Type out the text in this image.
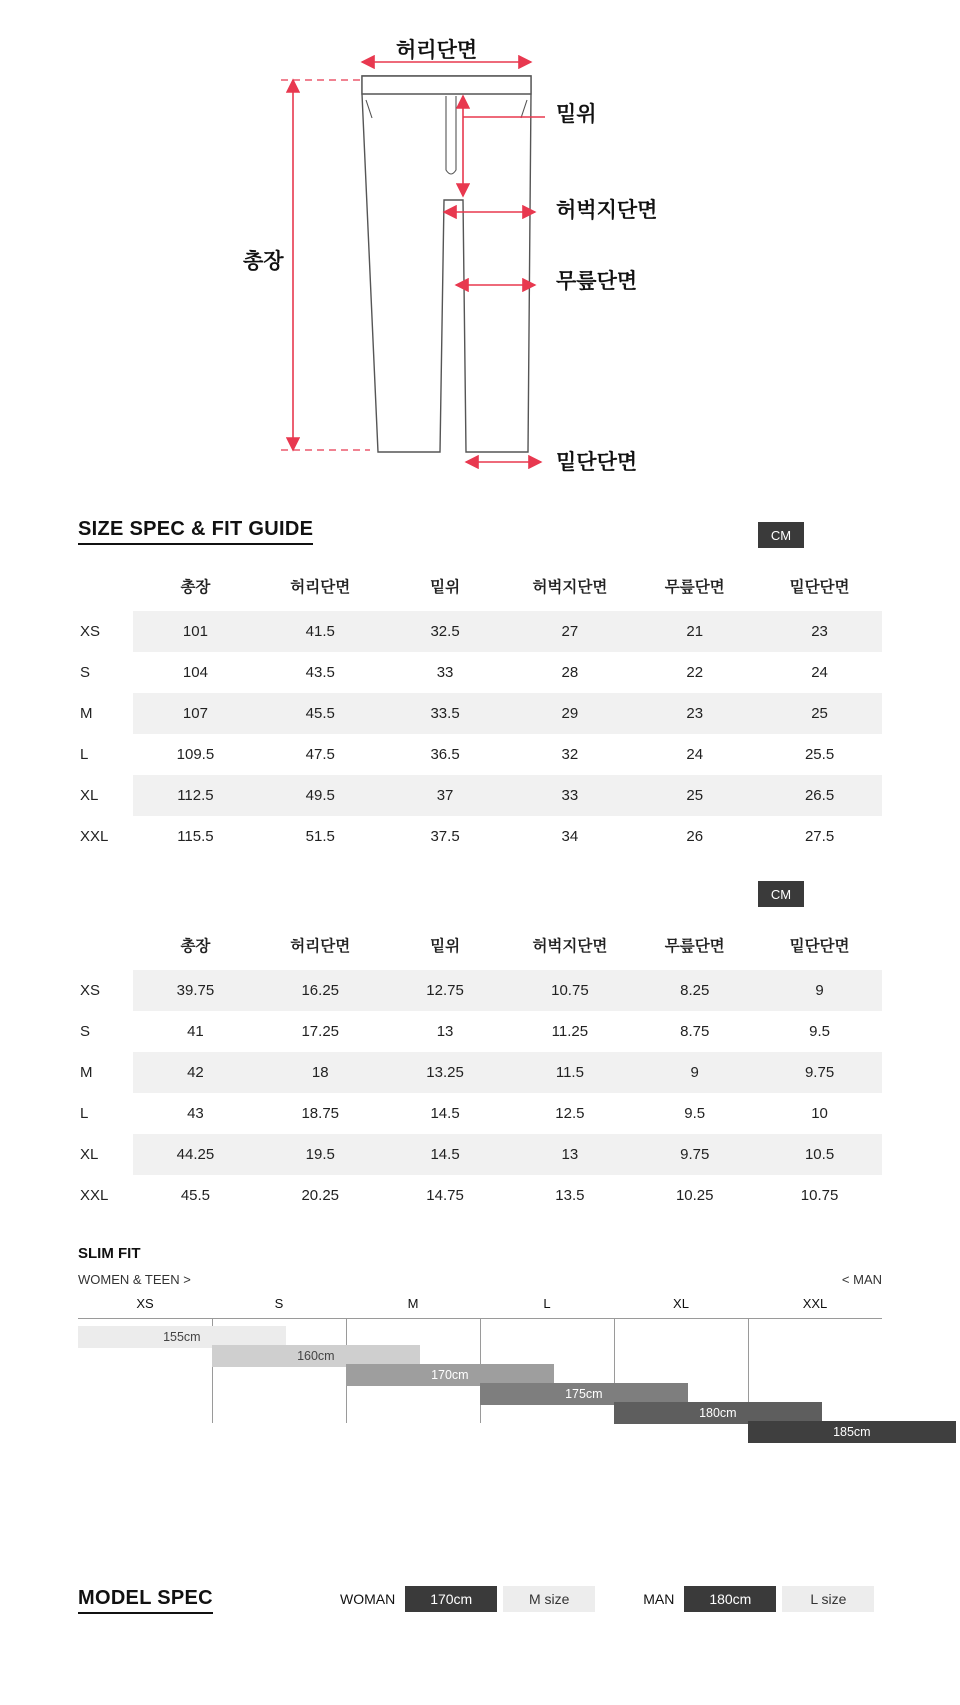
허리단면
밑위
허벅지단면
무릎단면
총장
밑단단면
SIZE SPEC & FIT GUIDE	CM
CM
	총장	허리단면	밑위	허벅지단면	무릎단면	밑단단면
XS	101	41.5	32.5	27	21	23
S	104	43.5	33	28	22	24
M	107	45.5	33.5	29	23	25
L	109.5	47.5	36.5	32	24	25.5
XL	112.5	49.5	37	33	25	26.5
XXL	115.5	51.5	37.5	34	26	27.5
	총장	허리단면	밑위	허벅지단면	무릎단면	밑단단면
XS	39.75	16.25	12.75	10.75	8.25	9
S	41	17.25	13	11.25	8.75	9.5
M	42	18	13.25	11.5	9	9.75
L	43	18.75	14.5	12.5	9.5	10
XL	44.25	19.5	14.5	13	9.75	10.5
XXL	45.5	20.25	14.75	13.5	10.25	10.75
SLIM FIT
WOMEN & TEEN >	< MAN
XS	S	M	L	XL	XXL
155cm
160cm
170cm
175cm
180cm
185cm
MODEL SPEC	WOMAN	170cm	M size	MAN	180cm	L size
